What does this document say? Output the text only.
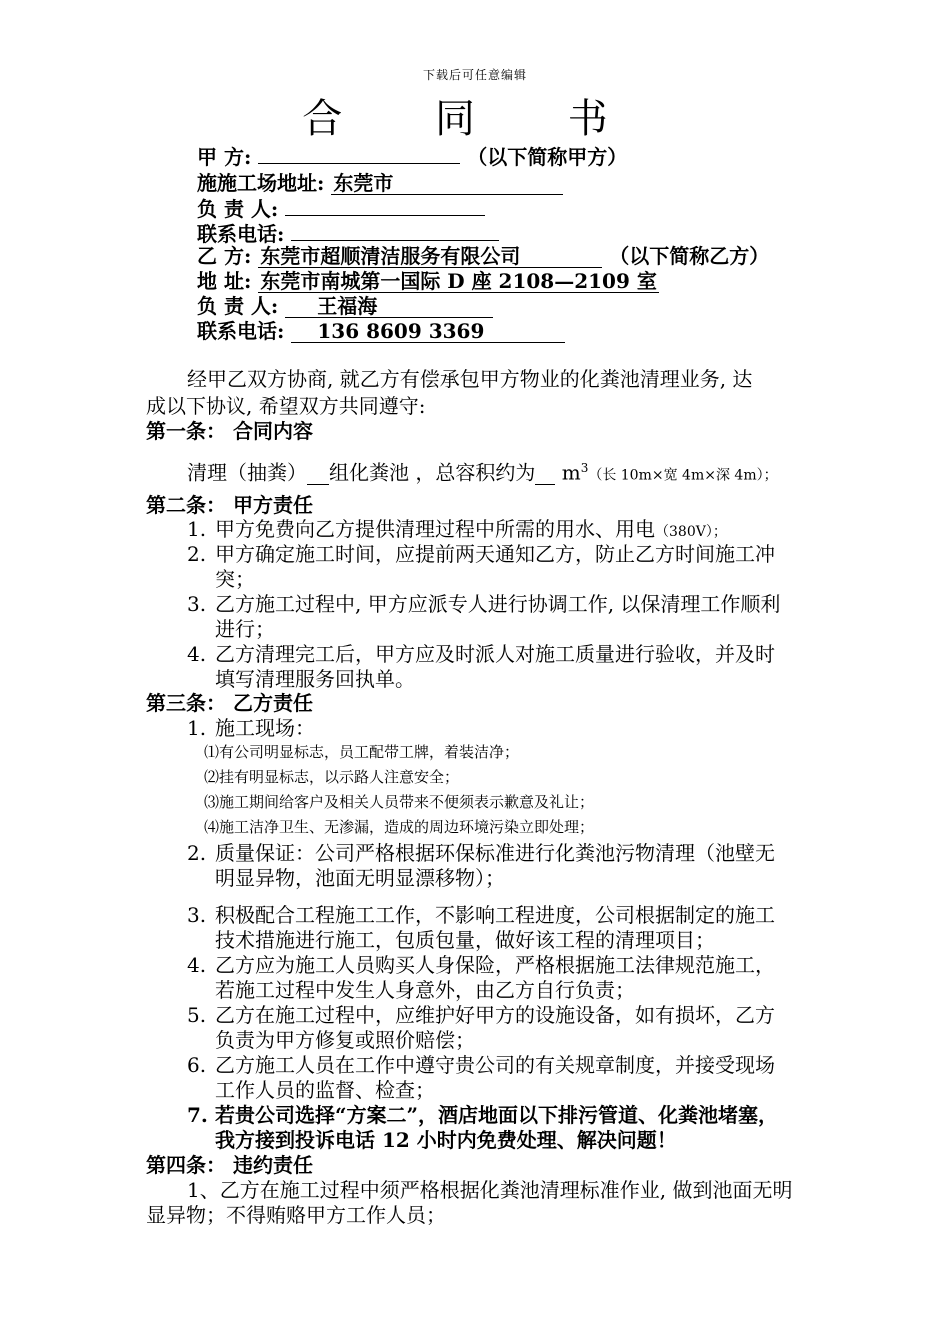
下载后可任意编辑
合 同 书
甲 方:	（以下简称甲方）
施施工场地址: 东莞市
负 责 人:
联系电话:
乙 方: 东莞市超顺清洁服务有限公司	（以下简称乙方）
地 址: 东莞市南城第一国际 D 座 2108—2109 室
负 责 人: 王福海
联系电话: 136 8609 3369
经甲乙双方协商, 就乙方有偿承包甲方物业的化粪池清理业务, 达
成以下协议, 希望双方共同遵守:
第一条： 合同内容
清理（抽粪） 组化粪池 ，总容积约为 $m^3$（长 10m×宽 4m×深 4m）；
第二条： 甲方责任
1. 甲方免费向乙方提供清理过程中所需的用水、用电（380V）；
2. 甲方确定施工时间，应提前两天通知乙方，防止乙方时间施工冲
突；
3. 乙方施工过程中, 甲方应派专人进行协调工作, 以保清理工作顺利
进行；
4. 乙方清理完工后，甲方应及时派人对施工质量进行验收，并及时
填写清理服务回执单。
第三条： 乙方责任
1. 施工现场：
⑴有公司明显标志，员工配带工牌，着装洁净；
⑵挂有明显标志，以示路人注意安全；
⑶施工期间给客户及相关人员带来不便须表示歉意及礼让；
⑷施工洁净卫生、无渗漏，造成的周边环境污染立即处理；
2. 质量保证：公司严格根据环保标准进行化粪池污物清理（池壁无
明显异物，池面无明显漂移物）；
3. 积极配合工程施工工作，不影响工程进度，公司根据制定的施工
技术措施进行施工，包质包量，做好该工程的清理项目；
4. 乙方应为施工人员购买人身保险，严格根据施工法律规范施工，
若施工过程中发生人身意外，由乙方自行负责；
5. 乙方在施工过程中，应维护好甲方的设施设备，如有损坏，乙方
负责为甲方修复或照价赔偿；
6. 乙方施工人员在工作中遵守贵公司的有关规章制度，并接受现场
工作人员的监督、检查；
7. 若贵公司选择“方案二”，酒店地面以下排污管道、化粪池堵塞，
我方接到投诉电话 12 小时内免费处理、解决问题！
第四条： 违约责任
1、乙方在施工过程中须严格根据化粪池清理标准作业, 做到池面无明
显异物；不得贿赂甲方工作人员；
